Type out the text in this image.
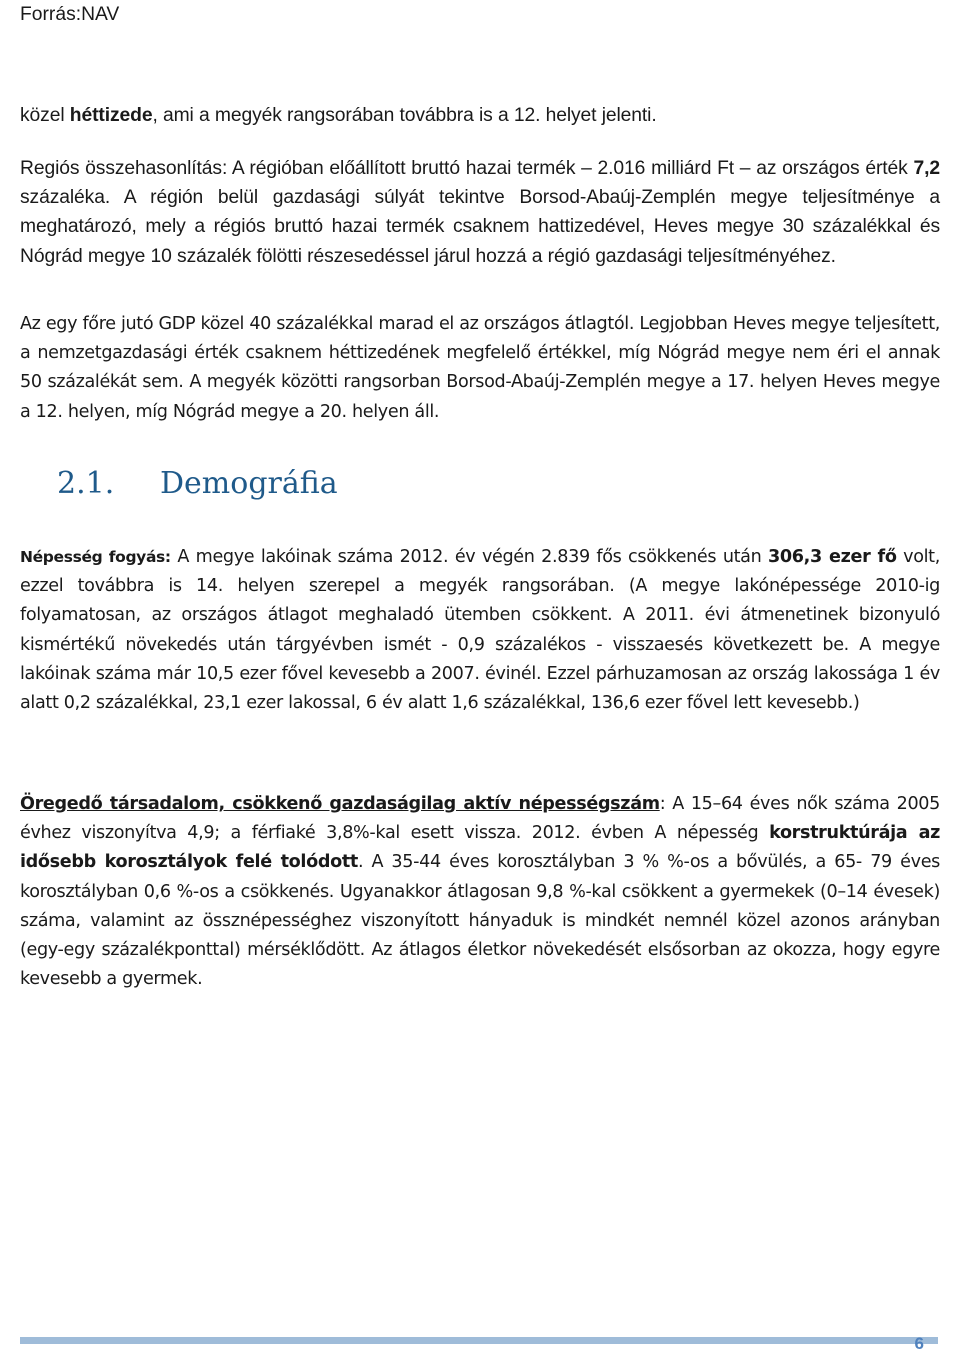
Forrás:NAV

közel héttizede, ami a megyék rangsorában továbbra is a 12. helyet jelenti.

Regiós összehasonlítás: A régióban előállított bruttó hazai termék – 2.016 milliárd Ft – az országos érték 7,2 százaléka. A régión belül gazdasági súlyát tekintve Borsod-Abaúj-Zemplén megye teljesítménye a meghatározó, mely a régiós bruttó hazai termék csaknem hattizedével, Heves megye 30 százalékkal és Nógrád megye 10 százalék fölötti részesedéssel járul hozzá a régió gazdasági teljesítményéhez.

Az egy főre jutó GDP közel 40 százalékkal marad el az országos átlagtól. Legjobban Heves megye teljesített, a nemzetgazdasági érték csaknem héttizedének megfelelő értékkel, míg Nógrád megye nem éri el annak 50 százalékát sem. A megyék közötti rangsorban Borsod-Abaúj-Zemplén megye a 17. helyen Heves megye a 12. helyen, míg Nógrád megye a 20. helyen áll.

2.1. Demográfia

Népesség fogyás: A megye lakóinak száma 2012. év végén 2.839 fős csökkenés után 306,3 ezer fő volt, ezzel továbbra is 14. helyen szerepel a megyék rangsorában. (A megye lakónépessége 2010-ig folyamatosan, az országos átlagot meghaladó ütemben csökkent. A 2011. évi átmenetinek bizonyuló kismértékű növekedés után tárgyévben ismét - 0,9 százalékos - visszaesés következett be. A megye lakóinak száma már 10,5 ezer fővel kevesebb a 2007. évinél. Ezzel párhuzamosan az ország lakossága 1 év alatt 0,2 százalékkal, 23,1 ezer lakossal, 6 év alatt 1,6 százalékkal, 136,6 ezer fővel lett kevesebb.)

Öregedő társadalom, csökkenő gazdaságilag aktív népességszám: A 15–64 éves nők száma 2005 évhez viszonyítva 4,9; a férfiaké 3,8%-kal esett vissza. 2012. évben A népesség korstruktúrája az idősebb korosztályok felé tolódott. A 35-44 éves korosztályban 3 % %-os a bővülés, a 65- 79 éves korosztályban 0,6 %-os a csökkenés. Ugyanakkor átlagosan 9,8 %-kal csökkent a gyermekek (0–14 évesek) száma, valamint az össznépességhez viszonyított hányaduk is mindkét nemnél közel azonos arányban (egy-egy százalékponttal) mérséklődött. Az átlagos életkor növekedését elsősorban az okozza, hogy egyre kevesebb a gyermek.

6
